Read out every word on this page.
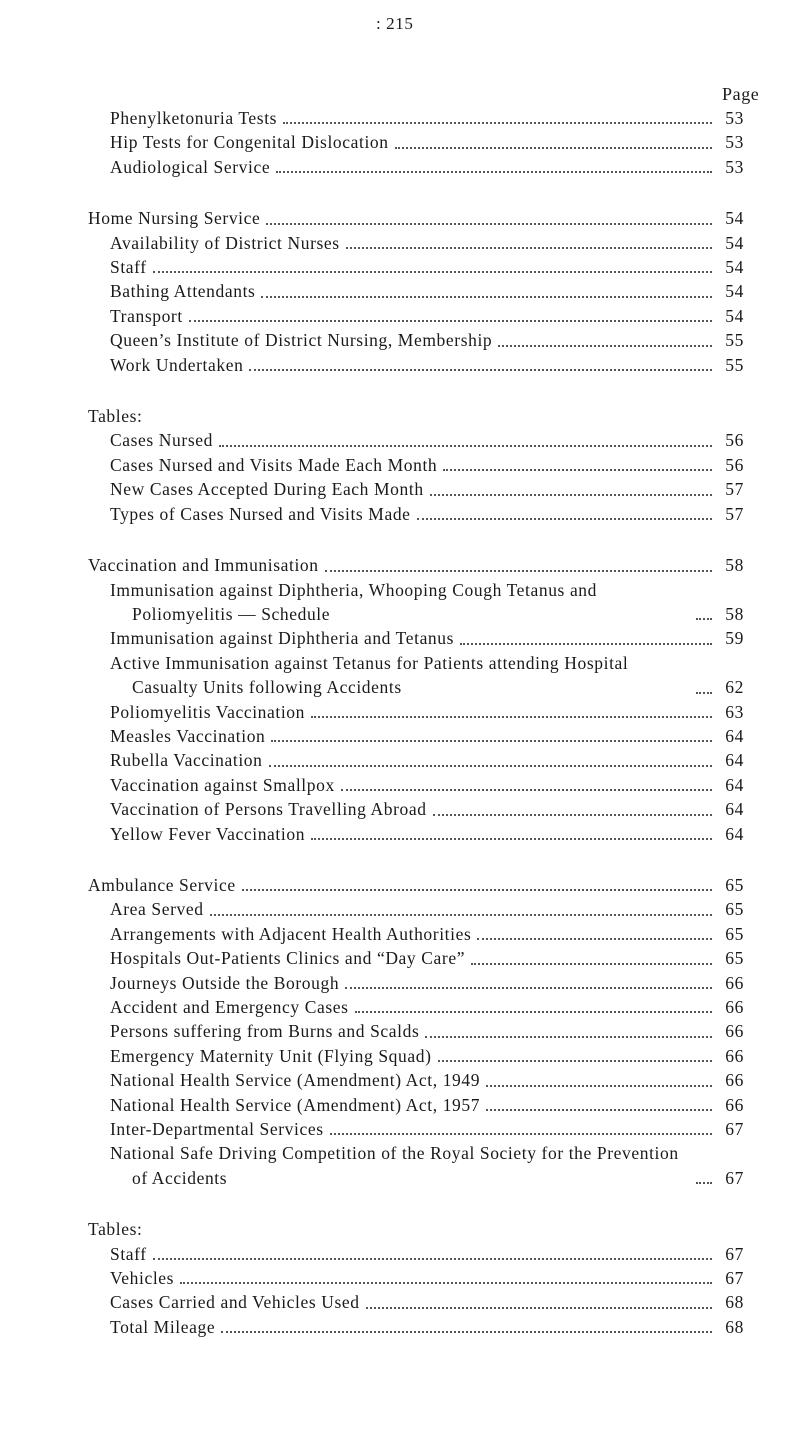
: 215
Page
Phenylketonuria Tests	53
Hip Tests for Congenital Dislocation	53
Audiological Service	53
Home Nursing Service	54
Availability of District Nurses	54
Staff	54
Bathing Attendants	54
Transport	54
Queen’s Institute of District Nursing, Membership	55
Work Undertaken	55
Tables:
Cases Nursed	56
Cases Nursed and Visits Made Each Month	56
New Cases Accepted During Each Month	57
Types of Cases Nursed and Visits Made	57
Vaccination and Immunisation	58
Immunisation against Diphtheria, Whooping Cough Tetanus and Poliomyelitis — Schedule	58
Immunisation against Diphtheria and Tetanus	59
Active Immunisation against Tetanus for Patients attending Hospital Casualty Units following Accidents	62
Poliomyelitis Vaccination	63
Measles Vaccination	64
Rubella Vaccination	64
Vaccination against Smallpox	64
Vaccination of Persons Travelling Abroad	64
Yellow Fever Vaccination	64
Ambulance Service	65
Area Served	65
Arrangements with Adjacent Health Authorities	65
Hospitals Out-Patients Clinics and “Day Care”	65
Journeys Outside the Borough	66
Accident and Emergency Cases	66
Persons suffering from Burns and Scalds	66
Emergency Maternity Unit (Flying Squad)	66
National Health Service (Amendment) Act, 1949	66
National Health Service (Amendment) Act, 1957	66
Inter-Departmental Services	67
National Safe Driving Competition of the Royal Society for the Prevention of Accidents	67
Tables:
Staff	67
Vehicles	67
Cases Carried and Vehicles Used	68
Total Mileage	68
